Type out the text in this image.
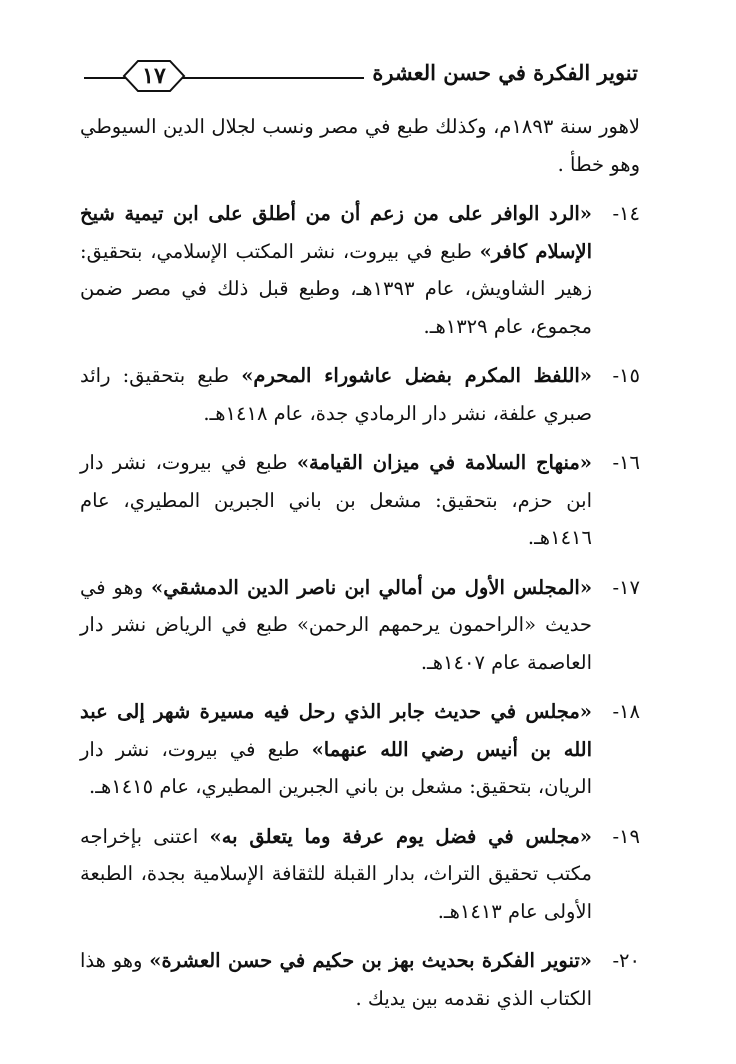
تنوير الفكرة في حسن العشرة
١٧

لاهور سنة ١٨٩٣م، وكذلك طبع في مصر ونسب لجلال الدين السيوطي وهو خطأ .

١٤-
«الرد الوافر على من زعم أن من أطلق على ابن تيمية شيخ الإسلام كافر» طبع في بيروت، نشر المكتب الإسلامي، بتحقيق: زهير الشاويش، عام ١٣٩٣هـ، وطبع قبل ذلك في مصر ضمن مجموع، عام ١٣٢٩هـ.
١٥-
«اللفظ المكرم بفضل عاشوراء المحرم» طبع بتحقيق: رائد صبري علفة، نشر دار الرمادي جدة، عام ١٤١٨هـ.
١٦-
«منهاج السلامة في ميزان القيامة» طبع في بيروت، نشر دار ابن حزم، بتحقيق: مشعل بن باني الجبرين المطيري، عام ١٤١٦هـ.
١٧-
«المجلس الأول من أمالي ابن ناصر الدين الدمشقي» وهو في حديث «الراحمون يرحمهم الرحمن» طبع في الرياض نشر دار العاصمة عام ١٤٠٧هـ.
١٨-
«مجلس في حديث جابر الذي رحل فيه مسيرة شهر إلى عبد الله بن أنيس رضي الله عنهما» طبع في بيروت، نشر دار الريان، بتحقيق: مشعل بن باني الجبرين المطيري، عام ١٤١٥هـ.
١٩-
«مجلس في فضل يوم عرفة وما يتعلق به» اعتنى بإخراجه مكتب تحقيق التراث، بدار القبلة للثقافة الإسلامية بجدة، الطبعة الأولى عام ١٤١٣هـ.
٢٠-
«تنوير الفكرة بحديث بهز بن حكيم في حسن العشرة» وهو هذا الكتاب الذي نقدمه بين يديك .
